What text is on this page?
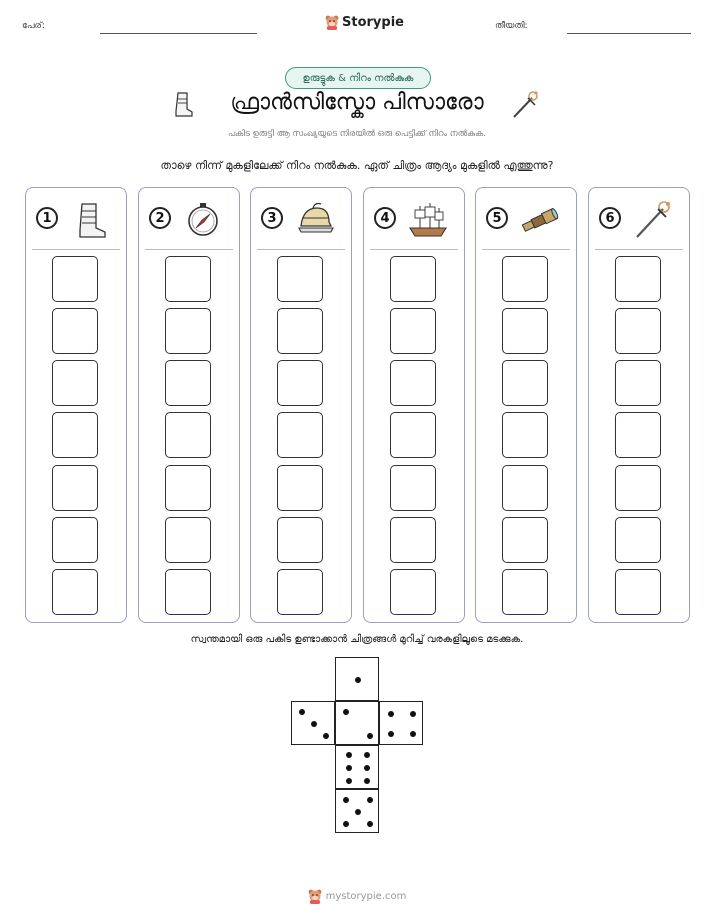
പേര്:	Storypie	തീയതി:
ഉരുട്ടുക & നിറം നൽകുക
ഫ്രാൻസിസ്കോ പിസാരോ
പകിട ഉരുട്ടി ആ സംഖ്യയുടെ നിരയിൽ ഒരു പെട്ടിക്ക് നിറം നൽകുക.
താഴെ നിന്ന് മുകളിലേക്ക് നിറം നൽകുക. ഏത് ചിത്രം ആദ്യം മുകളിൽ എത്തുന്നു?
1	2	3	4	5	6
സ്വന്തമായി ഒരു പകിട ഉണ്ടാക്കാൻ ചിത്രങ്ങൾ മുറിച്ച് വരകളിലൂടെ മടക്കുക.
mystorypie.com
